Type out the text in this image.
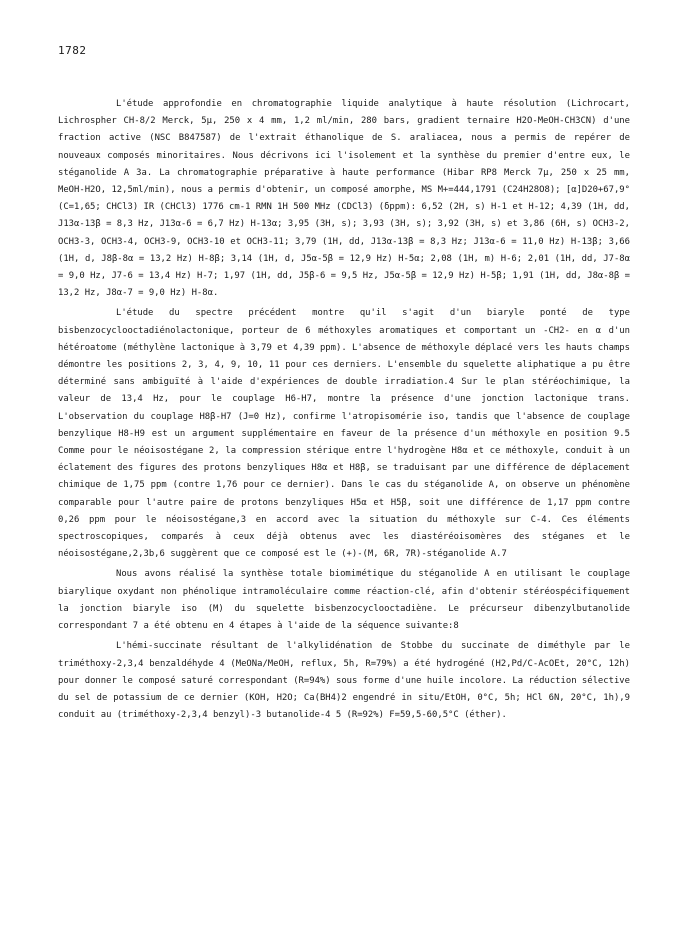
1782

L'étude approfondie en chromatographie liquide analytique à haute résolution (Lichrocart, Lichrospher CH-8/2 Merck, 5μ, 250 x 4 mm, 1,2 ml/min, 280 bars, gradient ternaire H2O-MeOH-CH3CN) d'une fraction active (NSC B847587) de l'extrait éthanolique de S. araliacea, nous a permis de repérer de nouveaux composés minoritaires. Nous décrivons ici l'isolement et la synthèse du premier d'entre eux, le stéganolide A 3a. La chromatographie préparative à haute performance (Hibar RP8 Merck 7μ, 250 x 25 mm, MeOH-H2O, 12,5ml/min), nous a permis d'obtenir, un composé amorphe, MS M+=444,1791 (C24H28O8); [α]D20+67,9° (C=1,65; CHCl3) IR (CHCl3) 1776 cm-1 RMN 1H 500 MHz (CDCl3) (δppm): 6,52 (2H, s) H-1 et H-12; 4,39 (1H, dd, J13α-13β = 8,3 Hz, J13α-6 = 6,7 Hz) H-13α; 3,95 (3H, s); 3,93 (3H, s); 3,92 (3H, s) et 3,86 (6H, s) OCH3-2, OCH3-3, OCH3-4, OCH3-9, OCH3-10 et OCH3-11; 3,79 (1H, dd, J13α-13β = 8,3 Hz; J13α-6 = 11,0 Hz) H-13β; 3,66 (1H, d, J8β-8α = 13,2 Hz) H-8β; 3,14 (1H, d, J5α-5β = 12,9 Hz) H-5α; 2,08 (1H, m) H-6; 2,01 (1H, dd, J7-8α = 9,0 Hz, J7-6 = 13,4 Hz) H-7; 1,97 (1H, dd, J5β-6 = 9,5 Hz, J5α-5β = 12,9 Hz) H-5β; 1,91 (1H, dd, J8α-8β = 13,2 Hz, J8α-7 = 9,0 Hz) H-8α.

L'étude du spectre précédent montre qu'il s'agit d'un biaryle ponté de type bisbenzocyclooctadiénolactonique, porteur de 6 méthoxyles aromatiques et comportant un -CH2- en α d'un hétéroatome (méthylène lactonique à 3,79 et 4,39 ppm). L'absence de méthoxyle déplacé vers les hauts champs démontre les positions 2, 3, 4, 9, 10, 11 pour ces derniers. L'ensemble du squelette aliphatique a pu être déterminé sans ambiguïté à l'aide d'expériences de double irradiation.4 Sur le plan stéréochimique, la valeur de 13,4 Hz, pour le couplage H6-H7, montre la présence d'une jonction lactonique trans. L'observation du couplage H8β-H7 (J=0 Hz), confirme l'atropisomérie iso, tandis que l'absence de couplage benzylique H8-H9 est un argument supplémentaire en faveur de la présence d'un méthoxyle en position 9.5 Comme pour le néoisostégane 2, la compression stérique entre l'hydrogène H8α et ce méthoxyle, conduit à un éclatement des figures des protons benzyliques H8α et H8β, se traduisant par une différence de déplacement chimique de 1,75 ppm (contre 1,76 pour ce dernier). Dans le cas du stéganolide A, on observe un phénomène comparable pour l'autre paire de protons benzyliques H5α et H5β, soit une différence de 1,17 ppm contre 0,26 ppm pour le néoisostégane,3 en accord avec la situation du méthoxyle sur C-4. Ces éléments spectroscopiques, comparés à ceux déjà obtenus avec les diastéréoisomères des stéganes et le néoisostégane,2,3b,6 suggèrent que ce composé est le (+)-(M, 6R, 7R)-stéganolide A.7

Nous avons réalisé la synthèse totale biomimétique du stéganolide A en utilisant le couplage biarylique oxydant non phénolique intramoléculaire comme réaction-clé, afin d'obtenir stéréospécifiquement la jonction biaryle iso (M) du squelette bisbenzocyclooctadiène. Le précurseur dibenzylbutanolide correspondant 7 a été obtenu en 4 étapes à l'aide de la séquence suivante:8

L'hémi-succinate résultant de l'alkylidénation de Stobbe du succinate de diméthyle par le triméthoxy-2,3,4 benzaldéhyde 4 (MeONa/MeOH, reflux, 5h, R=79%) a été hydrogéné (H2,Pd/C-AcOEt, 20°C, 12h) pour donner le composé saturé correspondant (R=94%) sous forme d'une huile incolore. La réduction sélective du sel de potassium de ce dernier (KOH, H2O; Ca(BH4)2 engendré in situ/EtOH, 0°C, 5h; HCl 6N, 20°C, 1h),9 conduit au (triméthoxy-2,3,4 benzyl)-3 butanolide-4 5 (R=92%) F=59,5-60,5°C (éther).
